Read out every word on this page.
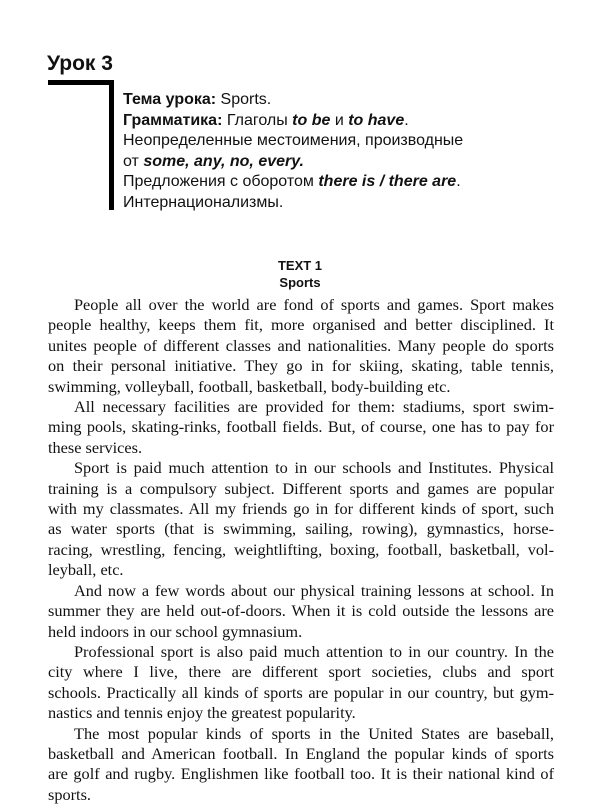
Урок 3
Тема урока: Sports.
Грамматика: Глаголы to be и to have.
Неопределенные местоимения, производные
от some, any, no, every.
Предложения с оборотом there is / there are.
Интернационализмы.
TEXT 1
Sports
People all over the world are fond of sports and games. Sport makes
people healthy, keeps them fit, more organised and better disciplined. It
unites people of different classes and nationalities. Many people do sports
on their personal initiative. They go in for skiing, skating, table tennis,
swimming, volleyball, football, basketball, body-building etc.
All necessary facilities are provided for them: stadiums, sport swim-
ming pools, skating-rinks, football fields. But, of course, one has to pay for
these services.
Sport is paid much attention to in our schools and Institutes. Physical
training is a compulsory subject. Different sports and games are popular
with my classmates. All my friends go in for different kinds of sport, such
as water sports (that is swimming, sailing, rowing), gymnastics, horse-
racing, wrestling, fencing, weightlifting, boxing, football, basketball, vol-
leyball, etc.
And now a few words about our physical training lessons at school. In
summer they are held out-of-doors. When it is cold outside the lessons are
held indoors in our school gymnasium.
Professional sport is also paid much attention to in our country. In the
city where I live, there are different sport societies, clubs and sport
schools. Practically all kinds of sports are popular in our country, but gym-
nastics and tennis enjoy the greatest popularity.
The most popular kinds of sports in the United States are baseball,
basketball and American football. In England the popular kinds of sports
are golf and rugby. Englishmen like football too. It is their national kind of
sports.
